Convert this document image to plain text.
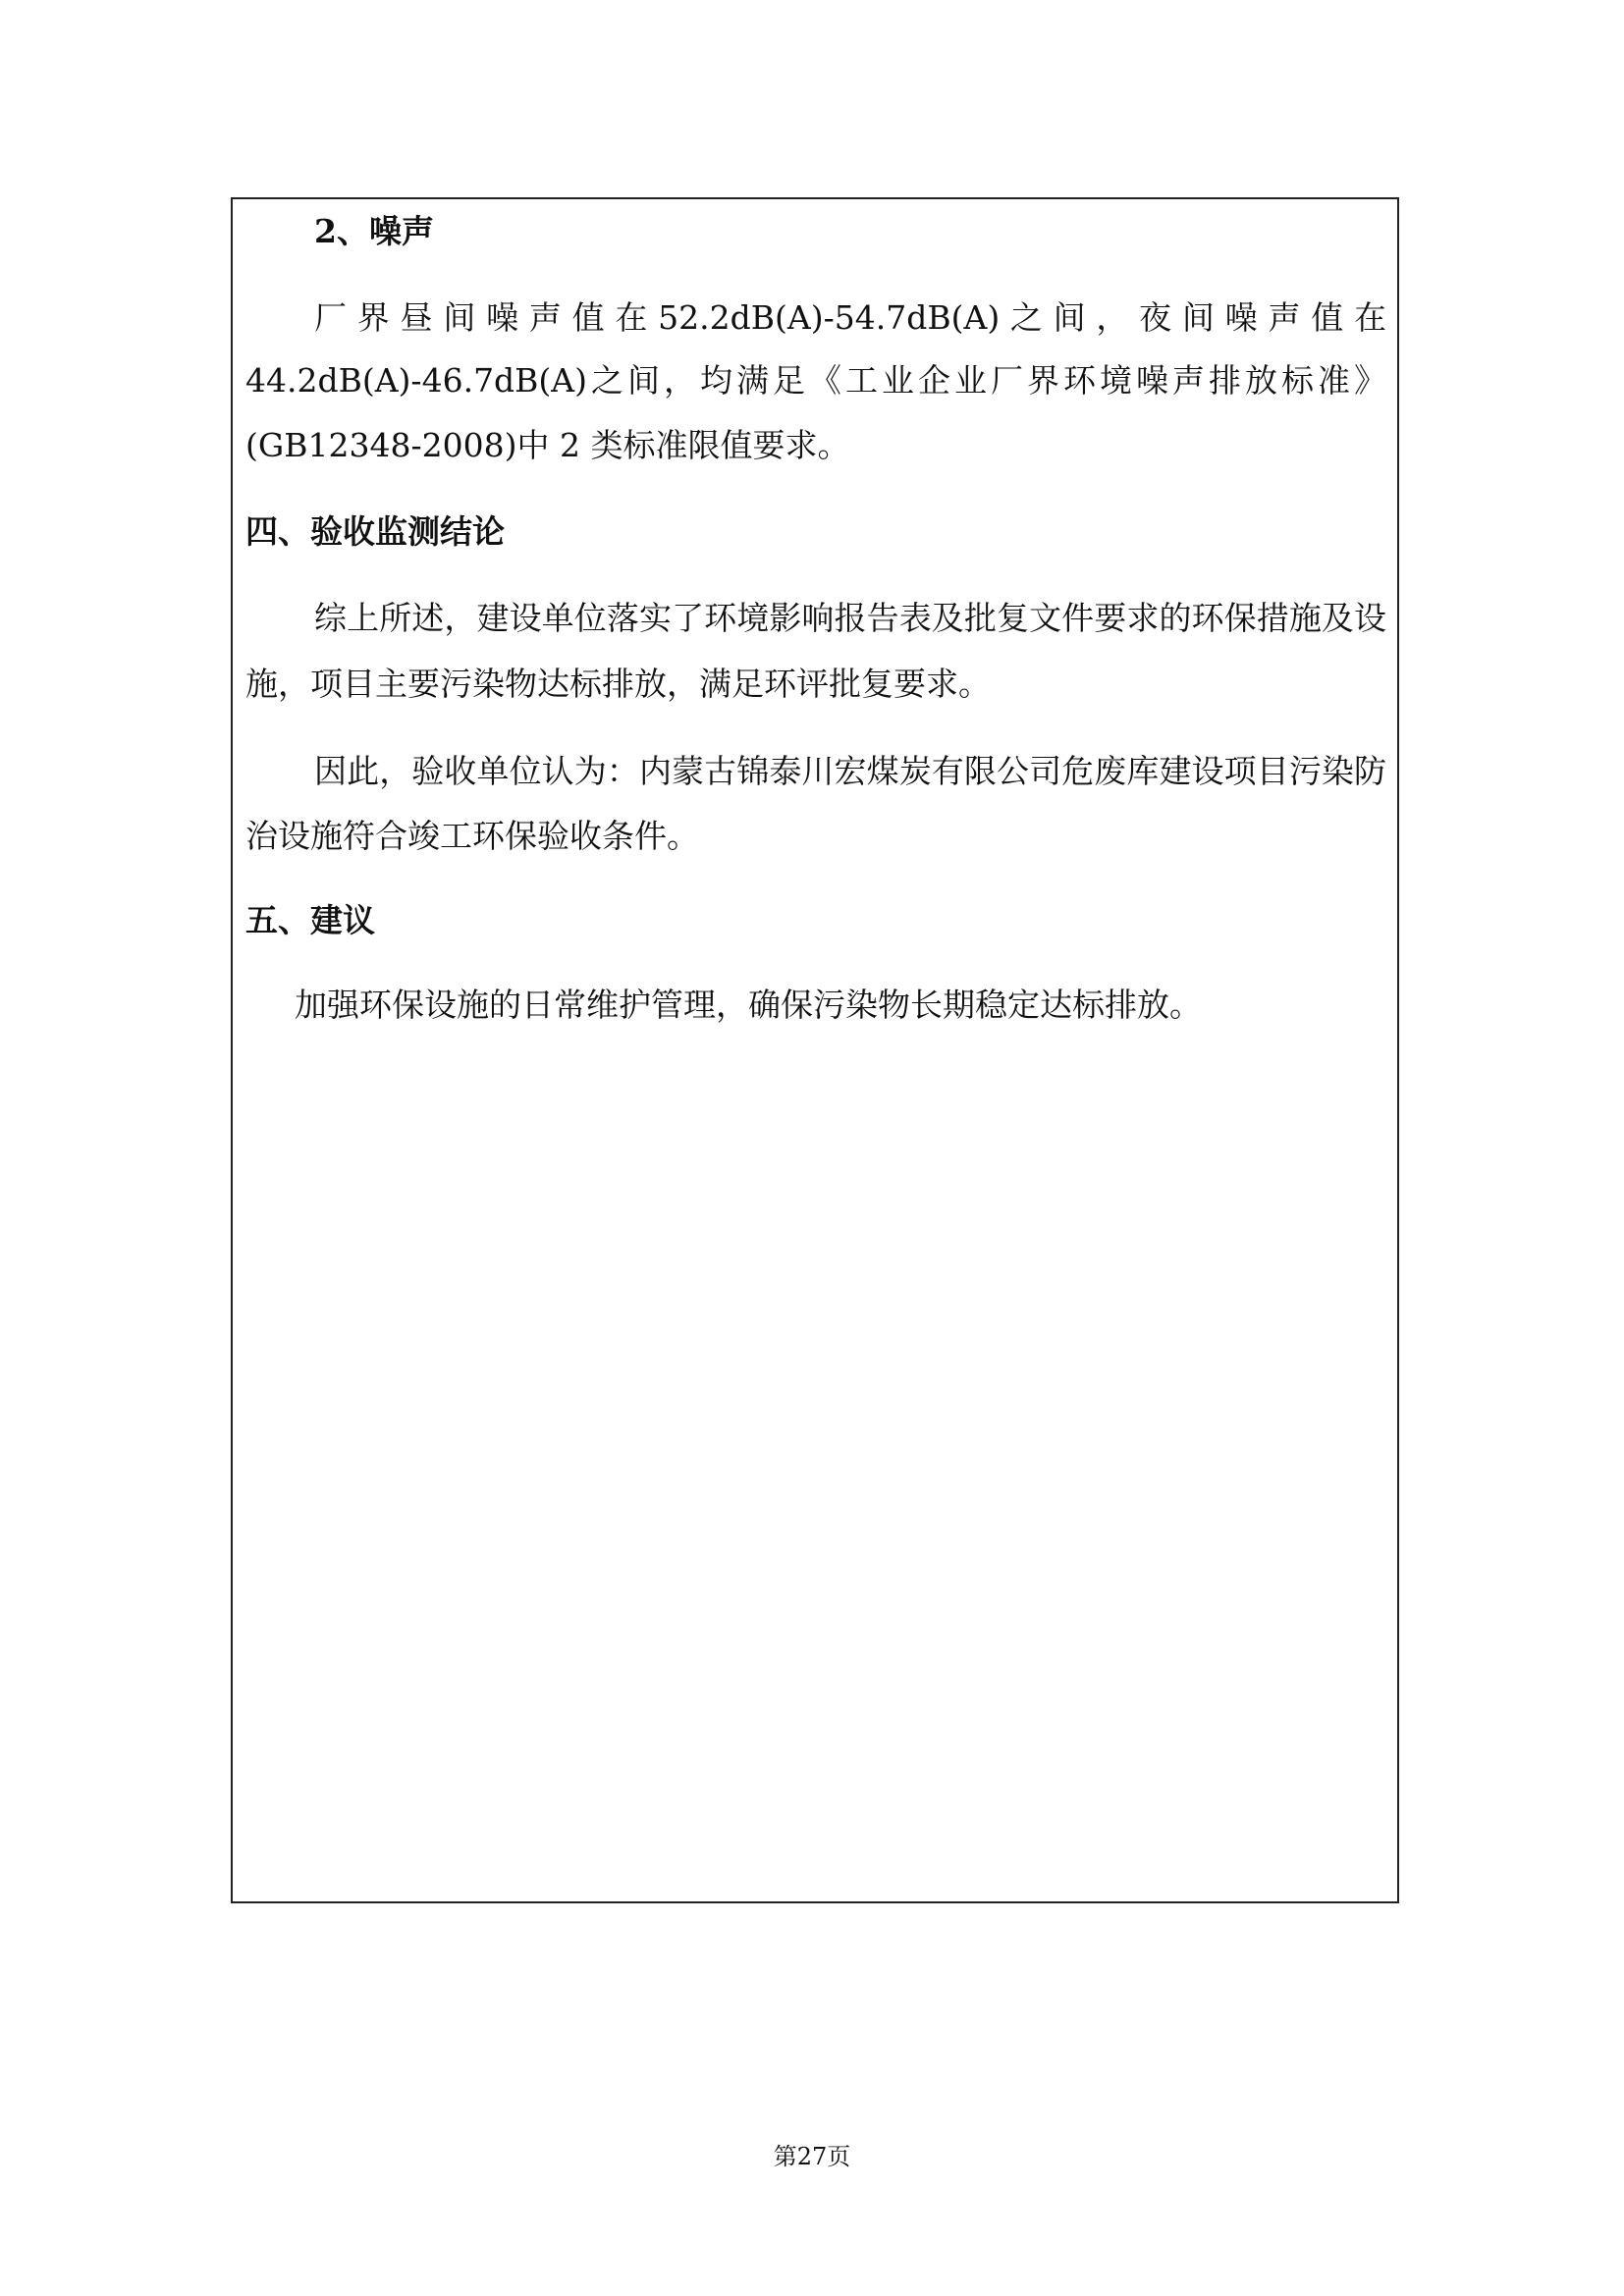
2、噪声

厂 界 昼 间 噪 声 值 在 52.2dB(A)-54.7dB(A) 之 间 ， 夜 间 噪 声 值 在

44.2dB(A)-46.7dB(A)之间，均满足《工业企业厂界环境噪声排放标准》

(GB12348-2008)中 2 类标准限值要求。

四、验收监测结论

综上所述，建设单位落实了环境影响报告表及批复文件要求的环保措施及设

施，项目主要污染物达标排放，满足环评批复要求。

因此，验收单位认为：内蒙古锦泰川宏煤炭有限公司危废库建设项目污染防

治设施符合竣工环保验收条件。

五、建议

加强环保设施的日常维护管理，确保污染物长期稳定达标排放。

第27页
